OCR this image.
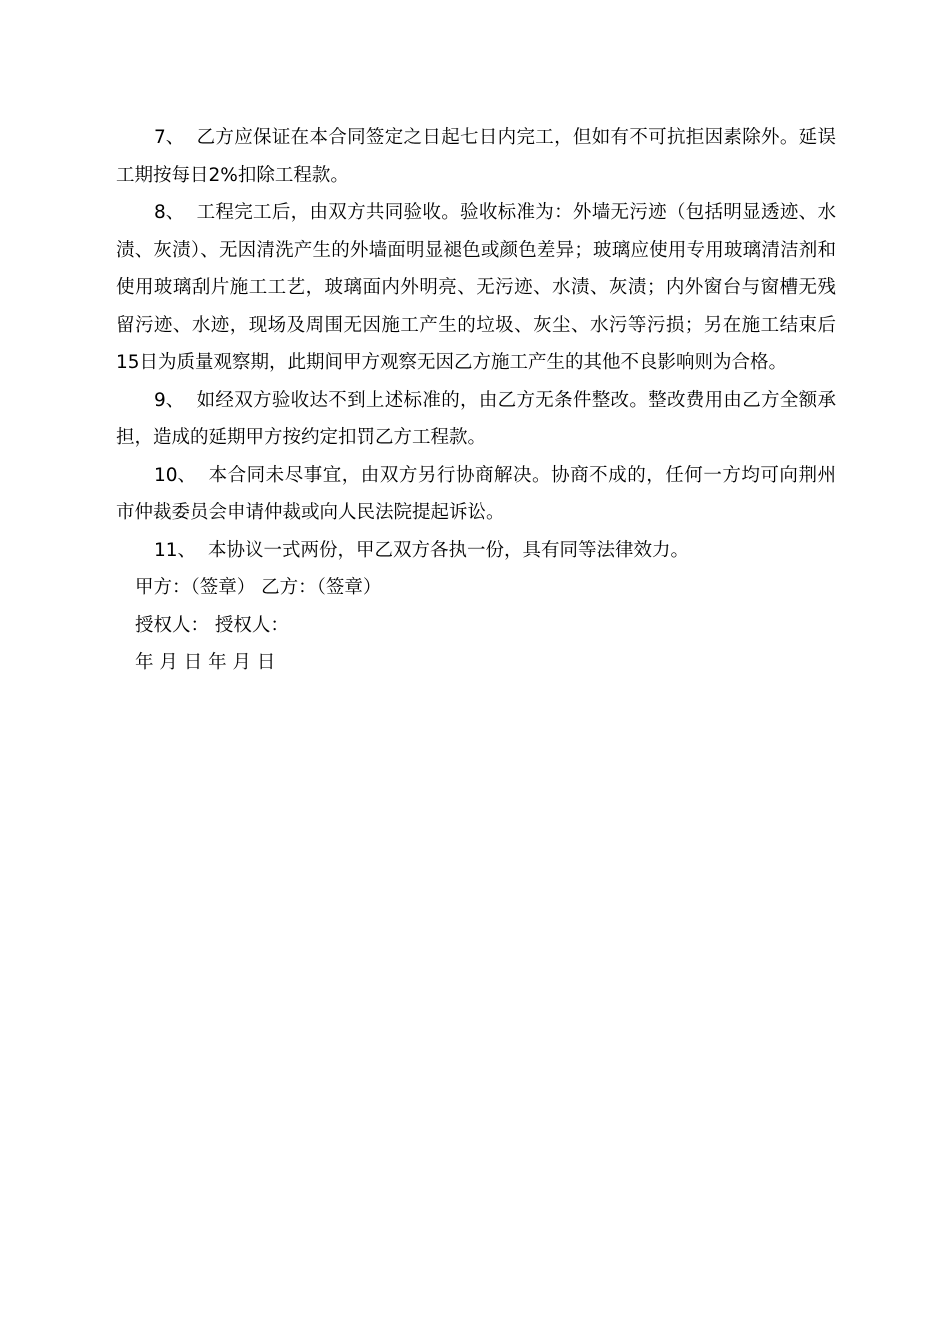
7、 乙方应保证在本合同签定之日起七日内完工，但如有不可抗拒因素除外。延误工期按每日2%扣除工程款。

8、 工程完工后，由双方共同验收。验收标准为：外墙无污迹（包括明显透迹、水渍、灰渍）、无因清洗产生的外墙面明显褪色或颜色差异；玻璃应使用专用玻璃清洁剂和使用玻璃刮片施工工艺，玻璃面内外明亮、无污迹、水渍、灰渍；内外窗台与窗槽无残留污迹、水迹，现场及周围无因施工产生的垃圾、灰尘、水污等污损；另在施工结束后15日为质量观察期，此期间甲方观察无因乙方施工产生的其他不良影响则为合格。

9、 如经双方验收达不到上述标准的，由乙方无条件整改。整改费用由乙方全额承担，造成的延期甲方按约定扣罚乙方工程款。

10、 本合同未尽事宜，由双方另行协商解决。协商不成的，任何一方均可向荆州市仲裁委员会申请仲裁或向人民法院提起诉讼。

11、 本协议一式两份，甲乙双方各执一份，具有同等法律效力。

甲方：（签章） 乙方：（签章）

授权人： 授权人：

年 月 日 年 月 日
